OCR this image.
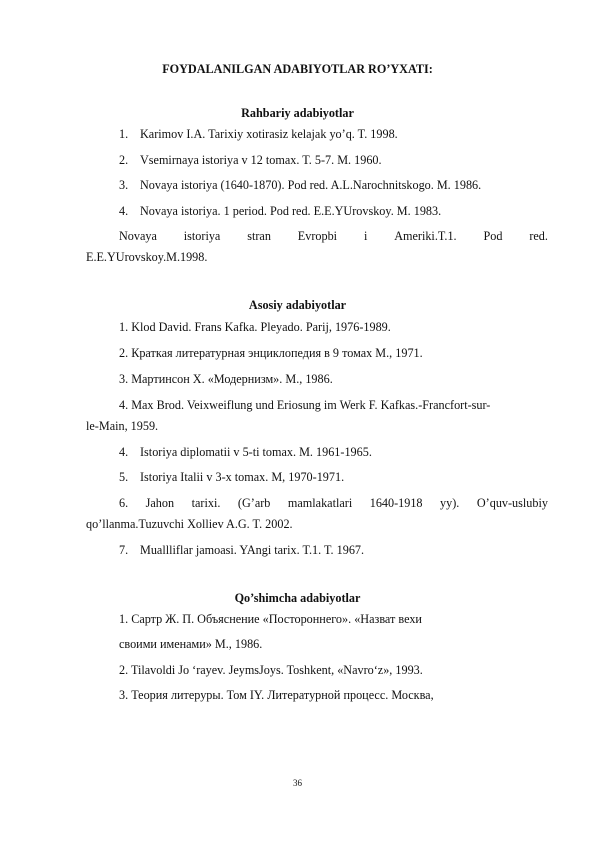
FOYDALANILGAN ADABIYOTLAR RO’YXATI:
Rahbariy adabiyotlar
1. Karimov I.A. Tarixiy xotirasiz kelajak yo’q. T. 1998.
2. Vsemirnaya istoriya v 12 tomax. T. 5-7. M. 1960.
3. Novaya istoriya (1640-1870). Pod red. A.L.Narochnitskogo. M. 1986.
4. Novaya istoriya. 1 period. Pod red. E.E.YUrovskoy. M. 1983.
Novaya istoriya stran Evropbi i Ameriki.T.1. Pod red.
E.E.YUrovskoy.M.1998.
Asosiy adabiyotlar
1. Klod David. Frans Kafka. Pleyado. Parij, 1976-1989.
2. Краткая литературная энциклопедия в 9 томах М., 1971.
3. Мартинсон Х. «Модернизм». М., 1986.
4. Max Brod. Veixweiflung und Eriosung im Werk F. Kafkas.-Francfort-sur-
le-Main, 1959.
4. Istoriya diplomatii v 5-ti tomax. M. 1961-1965.
5. Istoriya Italii v 3-x tomax. M, 1970-1971.
6. Jahon tarixi. (G’arb mamlakatlari 1640-1918 yy). O’quv-uslubiy
qo’llanma.Tuzuvchi Xolliev A.G. T. 2002.
7. Muallliflar jamoasi. YAngi tarix. T.1. T. 1967.
Qo’shimcha adabiyotlar
1. Сартр Ж. П. Объяснение «Постороннего». «Назват вехи
своими именами» М., 1986.
2. Tilavoldi Jo ‘rayev. JeymsJoys. Toshkent, «Navro‘z», 1993.
3. Теория литеруры. Том IY. Литературной процесс. Москва,
36
